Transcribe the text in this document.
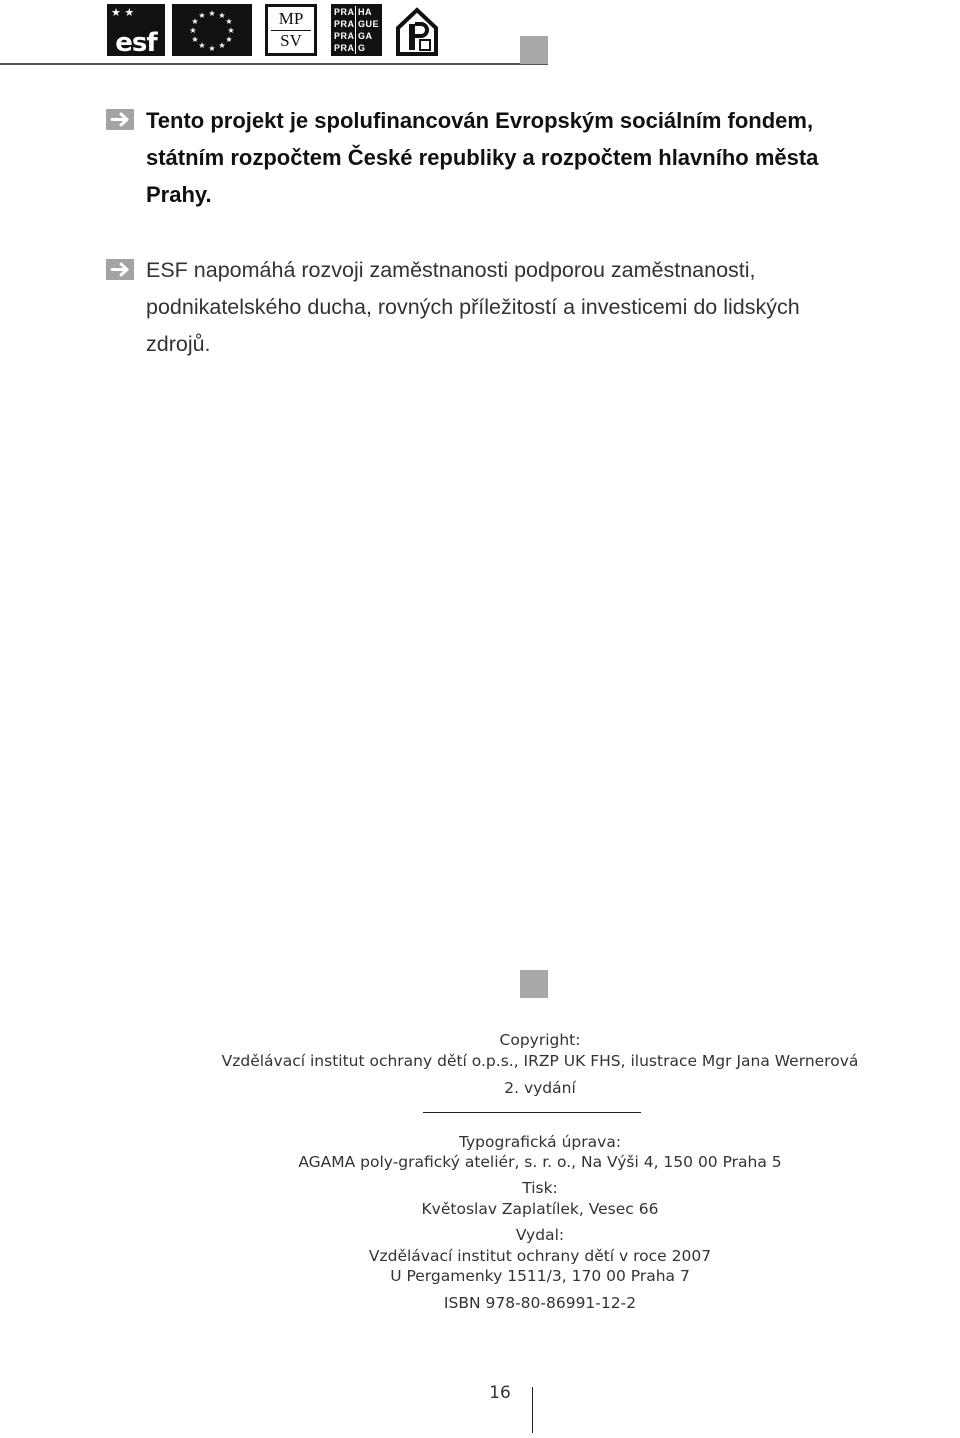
★ ★
esf
★ ★
★
★
★
★
★
★
★
★
★
★	MP
SV
PRA HA
PRA GUE
PRA GA
PRA G
Tento projekt je spolufinancován Evropským sociálním fondem,
státním rozpočtem České republiky a rozpočtem hlavního města Prahy.
ESF napomáhá rozvoji zaměstnanosti podporou zaměstnanosti,
podnikatelského ducha, rovných příležitostí a investicemi do lidských zdrojů.
Copyright:
Vzdělávací institut ochrany dětí o.p.s., IRZP UK FHS, ilustrace Mgr Jana Wernerová
2. vydání
Typografická úprava:
AGAMA poly-grafický ateliér, s. r. o., Na Výši 4, 150 00 Praha 5
Tisk:
Květoslav Zaplatílek, Vesec 66
Vydal:
Vzdělávací institut ochrany dětí v roce 2007
U Pergamenky 1511/3, 170 00 Praha 7
ISBN 978-80-86991-12-2
16
